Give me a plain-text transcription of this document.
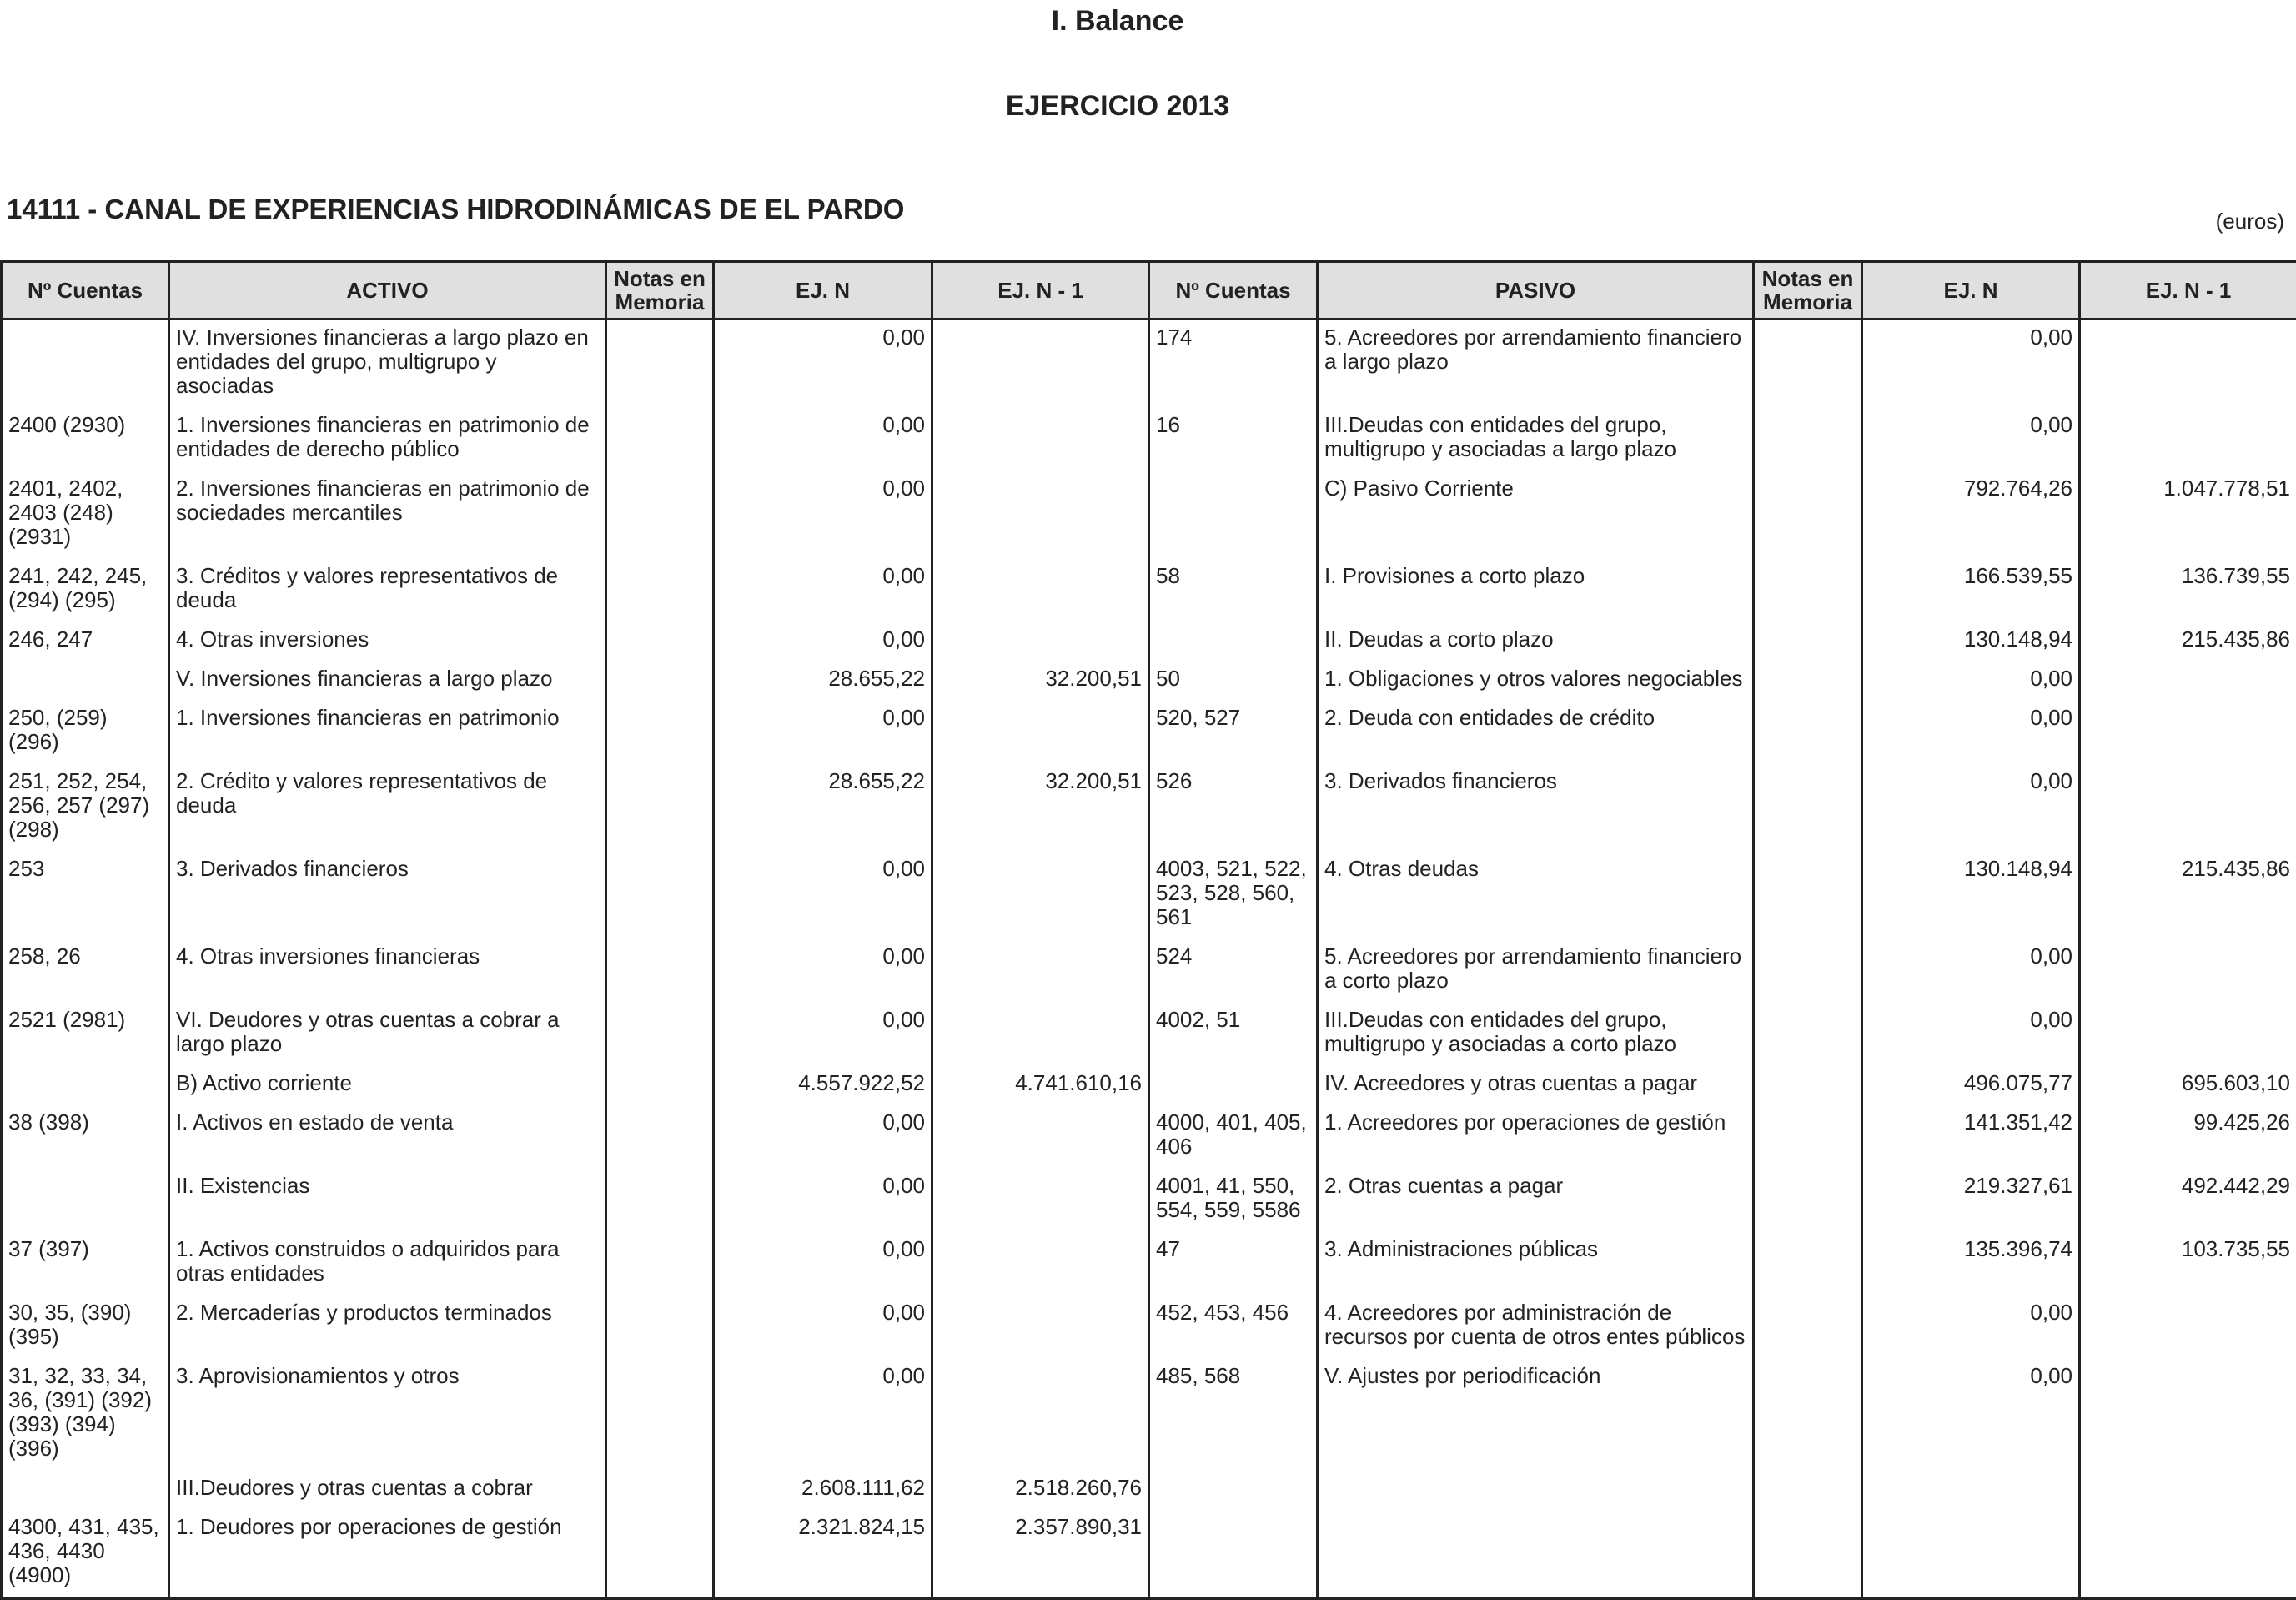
I. Balance
EJERCICIO 2013
14111 - CANAL DE EXPERIENCIAS HIDRODINÁMICAS DE EL PARDO	(euros)
Nº Cuentas	ACTIVO	Notas en Memoria	EJ. N	EJ. N - 1	Nº Cuentas	PASIVO	Notas en Memoria	EJ. N	EJ. N - 1
	IV. Inversiones financieras a largo plazo en entidades del grupo, multigrupo y asociadas		0,00		174	5. Acreedores por arrendamiento financiero a largo plazo		0,00	
2400 (2930)	1. Inversiones financieras en patrimonio de entidades de derecho público		0,00		16	III.Deudas con entidades del grupo, multigrupo y asociadas a largo plazo		0,00	
2401, 2402, 2403 (248) (2931)	2. Inversiones financieras en patrimonio de sociedades mercantiles		0,00			C) Pasivo Corriente		792.764,26	1.047.778,51
241, 242, 245, (294) (295)	3. Créditos y valores representativos de deuda		0,00		58	I. Provisiones a corto plazo		166.539,55	136.739,55
246, 247	4. Otras inversiones		0,00			II. Deudas a corto plazo		130.148,94	215.435,86
	V. Inversiones financieras a largo plazo		28.655,22	32.200,51	50	1. Obligaciones y otros valores negociables		0,00	
250, (259) (296)	1. Inversiones financieras en patrimonio		0,00		520, 527	2. Deuda con entidades de crédito		0,00	
251, 252, 254, 256, 257 (297) (298)	2. Crédito y valores representativos de deuda		28.655,22	32.200,51	526	3. Derivados financieros		0,00	
253	3. Derivados financieros		0,00		4003, 521, 522, 523, 528, 560, 561	4. Otras deudas		130.148,94	215.435,86
258, 26	4. Otras inversiones financieras		0,00		524	5. Acreedores por arrendamiento financiero a corto plazo		0,00	
2521 (2981)	VI. Deudores y otras cuentas a cobrar a largo plazo		0,00		4002, 51	III.Deudas con entidades del grupo, multigrupo y asociadas a corto plazo		0,00	
	B) Activo corriente		4.557.922,52	4.741.610,16		IV. Acreedores y otras cuentas a pagar		496.075,77	695.603,10
38 (398)	I. Activos en estado de venta		0,00		4000, 401, 405, 406	1. Acreedores por operaciones de gestión		141.351,42	99.425,26
	II. Existencias		0,00		4001, 41, 550, 554, 559, 5586	2. Otras cuentas a pagar		219.327,61	492.442,29
37 (397)	1. Activos construidos o adquiridos para otras entidades		0,00		47	3. Administraciones públicas		135.396,74	103.735,55
30, 35, (390) (395)	2. Mercaderías y productos terminados		0,00		452, 453, 456	4. Acreedores por administración de recursos por cuenta de otros entes públicos		0,00	
31, 32, 33, 34, 36, (391) (392) (393) (394) (396)	3. Aprovisionamientos y otros		0,00		485, 568	V. Ajustes por periodificación		0,00	
	III.Deudores y otras cuentas a cobrar		2.608.111,62	2.518.260,76					
4300, 431, 435, 436, 4430 (4900)	1. Deudores por operaciones de gestión		2.321.824,15	2.357.890,31					
